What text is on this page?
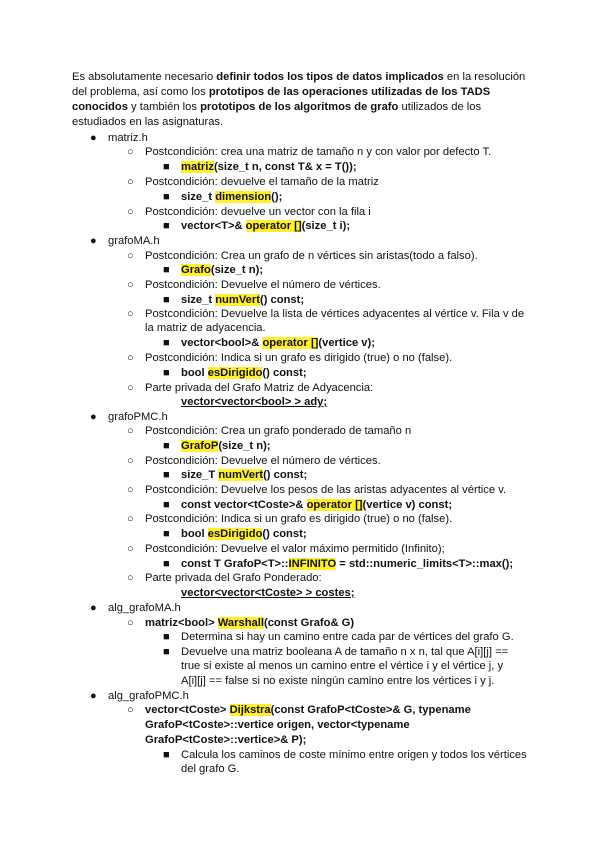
Es absolutamente necesario definir todos los tipos de datos implicados en la resolución del problema, así como los prototipos de las operaciones utilizadas de los TADS conocidos y también los prototipos de los algoritmos de grafo utilizados de los estudiados en las asignaturas.
● matriz.h
○ Postcondición: crea una matriz de tamaño n y con valor por defecto T.
■ matriz(size_t n, const T& x = T());
○ Postcondición: devuelve el tamaño de la matriz
■ size_t dimension();
○ Postcondición: devuelve un vector con la fila i
■ vector<T>& operator [](size_t i);
● grafoMA.h
○ Postcondición: Crea un grafo de n vértices sin aristas(todo a falso).
■ Grafo(size_t n);
○ Postcondición: Devuelve el número de vértices.
■ size_t numVert() const;
○ Postcondición: Devuelve la lista de vértices adyacentes al vértice v. Fila v de
la matriz de adyacencia.
■ vector<bool>& operator [](vertice v);
○ Postcondición: Indica si un grafo es dirigido (true) o no (false).
■ bool esDirigido() const;
○ Parte privada del Grafo Matriz de Adyacencia:
vector<vector<bool> > ady;
● grafoPMC.h
○ Postcondición: Crea un grafo ponderado de tamaño n
■ GrafoP(size_t n);
○ Postcondición: Devuelve el número de vértices.
■ size_T numVert() const;
○ Postcondición: Devuelve los pesos de las aristas adyacentes al vértice v.
■ const vector<tCoste>& operator [](vertice v) const;
○ Postcondición: Indica si un grafo es dirigido (true) o no (false).
■ bool esDirigido() const;
○ Postcondición: Devuelve el valor máximo permitido (Infinito);
■ const T GrafoP<T>::INFINITO = std::numeric_limits<T>::max();
○ Parte privada del Grafo Ponderado:
vector<vector<tCoste> > costes;
● alg_grafoMA.h
○ matriz<bool> Warshall(const Grafo& G)
■ Determina si hay un camino entre cada par de vértices del grafo G.
■ Devuelve una matriz booleana A de tamaño n x n, tal que A[i][j] ==
true si existe al menos un camino entre el vértice i y el vértice j, y
A[i][j] == false si no existe ningún camino entre los vértices i y j.
● alg_grafoPMC.h
○ vector<tCoste> Dijkstra(const GrafoP<tCoste>& G, typename
GrafoP<tCoste>::vertice origen, vector<typename
GrafoP<tCoste>::vertice>& P);
■ Calcula los caminos de coste mínimo entre origen y todos los vértices
del grafo G.
